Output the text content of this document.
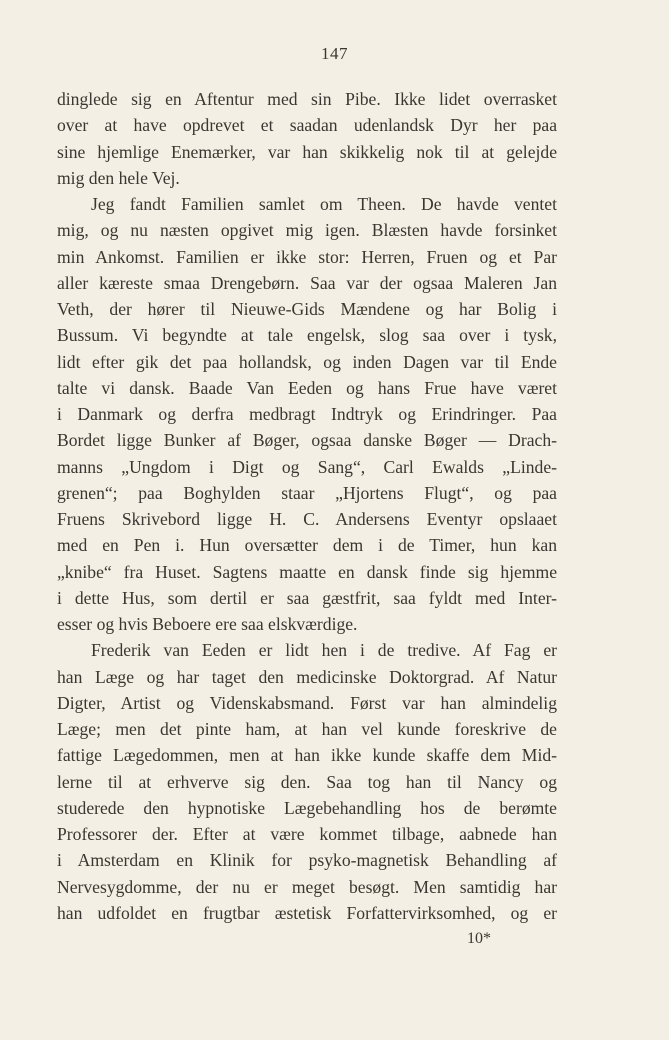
147
dinglede sig en Aftentur med sin Pibe. Ikke lidet overrasket
over at have opdrevet et saadan udenlandsk Dyr her paa
sine hjemlige Enemærker, var han skikkelig nok til at gelejde
mig den hele Vej.
Jeg fandt Familien samlet om Theen. De havde ventet
mig, og nu næsten opgivet mig igen. Blæsten havde forsinket
min Ankomst. Familien er ikke stor: Herren, Fruen og et Par
aller kæreste smaa Drengebørn. Saa var der ogsaa Maleren Jan
Veth, der hører til Nieuwe-Gids Mændene og har Bolig i
Bussum. Vi begyndte at tale engelsk, slog saa over i tysk,
lidt efter gik det paa hollandsk, og inden Dagen var til Ende
talte vi dansk. Baade Van Eeden og hans Frue have været
i Danmark og derfra medbragt Indtryk og Erindringer. Paa
Bordet ligge Bunker af Bøger, ogsaa danske Bøger — Drach-
manns „Ungdom i Digt og Sang“, Carl Ewalds „Linde-
grenen“; paa Boghylden staar „Hjortens Flugt“, og paa
Fruens Skrivebord ligge H. C. Andersens Eventyr opslaaet
med en Pen i. Hun oversætter dem i de Timer, hun kan
„knibe“ fra Huset. Sagtens maatte en dansk finde sig hjemme
i dette Hus, som dertil er saa gæstfrit, saa fyldt med Inter-
esser og hvis Beboere ere saa elskværdige.
Frederik van Eeden er lidt hen i de tredive. Af Fag er
han Læge og har taget den medicinske Doktorgrad. Af Natur
Digter, Artist og Videnskabsmand. Først var han almindelig
Læge; men det pinte ham, at han vel kunde foreskrive de
fattige Lægedommen, men at han ikke kunde skaffe dem Mid-
lerne til at erhverve sig den. Saa tog han til Nancy og
studerede den hypnotiske Lægebehandling hos de berømte
Professorer der. Efter at være kommet tilbage, aabnede han
i Amsterdam en Klinik for psyko-magnetisk Behandling af
Nervesygdomme, der nu er meget besøgt. Men samtidig har
han udfoldet en frugtbar æstetisk Forfattervirksomhed, og er
10*
